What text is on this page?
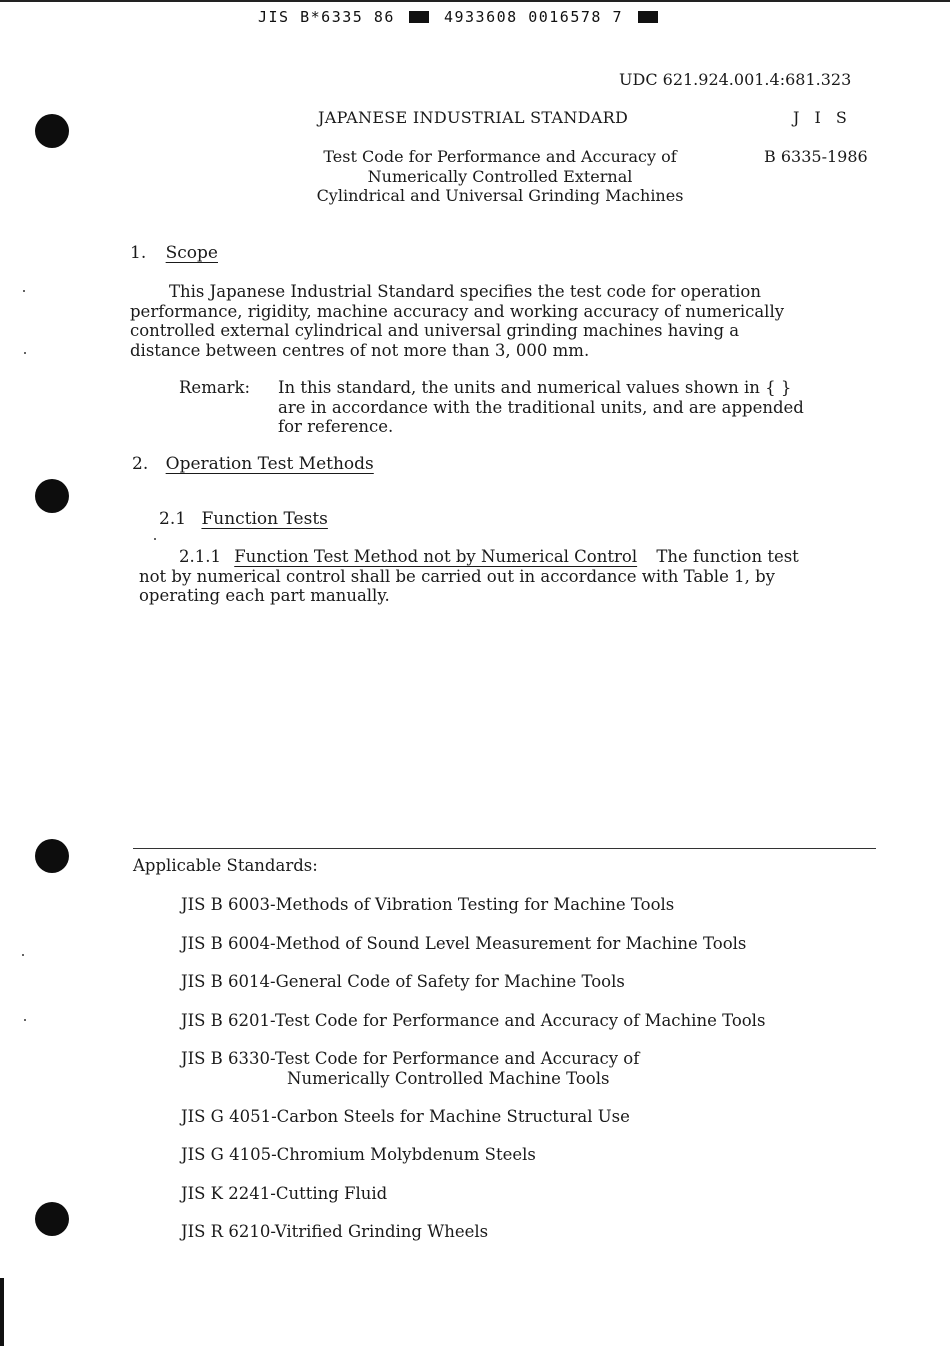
JIS B*6335 86	4933608 0016578 7
UDC 621.924.001.4:681.323
JAPANESE INDUSTRIAL STANDARD	J I S
Test Code for Performance and Accuracy of
Numerically Controlled External
Cylindrical and Universal Grinding Machines
B 6335-1986
1. Scope
This Japanese Industrial Standard specifies the test code for operation
performance, rigidity, machine accuracy and working accuracy of numerically
controlled external cylindrical and universal grinding machines having a
distance between centres of not more than 3, 000 mm.
Remark: In this standard, the units and numerical values shown in { }
are in accordance with the traditional units, and are appended
for reference.
2. Operation Test Methods
2.1 Function Tests
2.1.1 Function Test Method not by Numerical Control The function test
not by numerical control shall be carried out in accordance with Table 1, by
operating each part manually.
Applicable Standards:
JIS B 6003-Methods of Vibration Testing for Machine Tools
JIS B 6004-Method of Sound Level Measurement for Machine Tools
JIS B 6014-General Code of Safety for Machine Tools
JIS B 6201-Test Code for Performance and Accuracy of Machine Tools
JIS B 6330-Test Code for Performance and Accuracy of
Numerically Controlled Machine Tools
JIS G 4051-Carbon Steels for Machine Structural Use
JIS G 4105-Chromium Molybdenum Steels
JIS K 2241-Cutting Fluid
JIS R 6210-Vitrified Grinding Wheels
